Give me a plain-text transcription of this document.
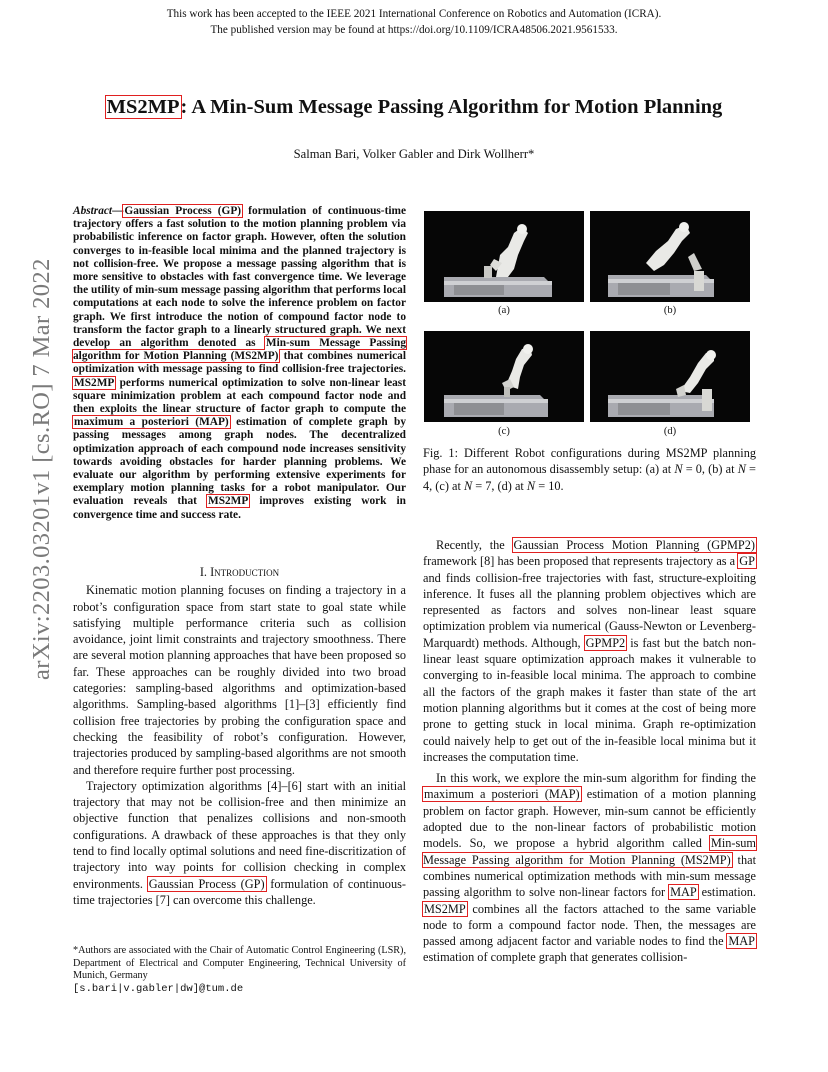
This work has been accepted to the IEEE 2021 International Conference on Robotics and Automation (ICRA).
The published version may be found at https://doi.org/10.1109/ICRA48506.2021.9561533.
MS2MP: A Min-Sum Message Passing Algorithm for Motion Planning
Salman Bari, Volker Gabler and Dirk Wollherr*
arXiv:2203.03201v1 [cs.RO] 7 Mar 2022

Abstract—Gaussian Process (GP) formulation of continuous-time trajectory offers a fast solution to the motion planning problem via probabilistic inference on factor graph. However, often the solution converges to in-feasible local minima and the planned trajectory is not collision-free. We propose a message passing algorithm that is more sensitive to obstacles with fast convergence time. We leverage the utility of min-sum message passing algorithm that performs local computations at each node to solve the inference problem on factor graph. We first introduce the notion of compound factor node to transform the factor graph to a linearly structured graph. We next develop an algorithm denoted as Min-sum Message Passing algorithm for Motion Planning (MS2MP) that combines numerical optimization with message passing to find collision-free trajectories. MS2MP performs numerical optimization to solve non-linear least square minimization problem at each compound factor node and then exploits the linear structure of factor graph to compute the maximum a posteriori (MAP) estimation of complete graph by passing messages among graph nodes. The decentralized optimization approach of each compound node increases sensitivity towards avoiding obstacles for harder planning problems. We evaluate our algorithm by performing extensive experiments for exemplary motion planning tasks for a robot manipulator. Our evaluation reveals that MS2MP improves existing work in convergence time and success rate.

I. Introduction

Kinematic motion planning focuses on finding a trajectory in a robot’s configuration space from start state to goal state while satisfying multiple performance criteria such as collision avoidance, joint limit constraints and trajectory smoothness. There are several motion planning approaches that have been proposed so far. These approaches can be roughly divided into two broad categories: sampling-based algorithms and optimization-based algorithms. Sampling-based algorithms [1]–[3] efficiently find collision free trajectories by probing the configuration space and checking the feasibility of robot’s configuration. However, trajectories produced by sampling-based algorithms are not smooth and therefore require further post processing.

Trajectory optimization algorithms [4]–[6] start with an initial trajectory that may not be collision-free and then minimize an objective function that penalizes collisions and non-smooth configurations. A drawback of these approaches is that they only tend to find locally optimal solutions and need fine-discritization of trajectory into way points for collision checking in complex environments. Gaussian Process (GP) formulation of continuous-time trajectories [7] can overcome this challenge.

*Authors are associated with the Chair of Automatic Control Engineering (LSR), Department of Electrical and Computer Engineering, Technical University of Munich, Germany
[s.bari|v.gabler|dw]@tum.de
(a)	(b)
(c)	(d)
Fig. 1: Different Robot configurations during MS2MP planning phase for an autonomous disassembly setup: (a) at N = 0, (b) at N = 4, (c) at N = 7, (d) at N = 10.

Recently, the Gaussian Process Motion Planning (GPMP2) framework [8] has been proposed that represents trajectory as a GP and finds collision-free trajectories with fast, structure-exploiting inference. It fuses all the planning problem objectives which are represented as factors and solves non-linear least square optimization problem via numerical (Gauss-Newton or Levenberg-Marquardt) methods. Although, GPMP2 is fast but the batch non-linear least square optimization approach makes it vulnerable to converging to in-feasible local minima. The approach to combine all the factors of the graph makes it faster than state of the art motion planning algorithms but it comes at the cost of being more prone to getting stuck in local minima. Graph re-optimization could naively help to get out of the in-feasible local minima but it increases the computation time.

In this work, we explore the min-sum algorithm for finding the maximum a posteriori (MAP) estimation of a motion planning problem on factor graph. However, min-sum cannot be efficiently adopted due to the non-linear factors of probabilistic motion models. So, we propose a hybrid algorithm called Min-sum Message Passing algorithm for Motion Planning (MS2MP) that combines numerical optimization methods with min-sum message passing algorithm to solve non-linear factors for MAP estimation. MS2MP combines all the factors attached to the same variable node to form a compound factor node. Then, the messages are passed among adjacent factor and variable nodes to find the MAP estimation of complete graph that generates collision-
